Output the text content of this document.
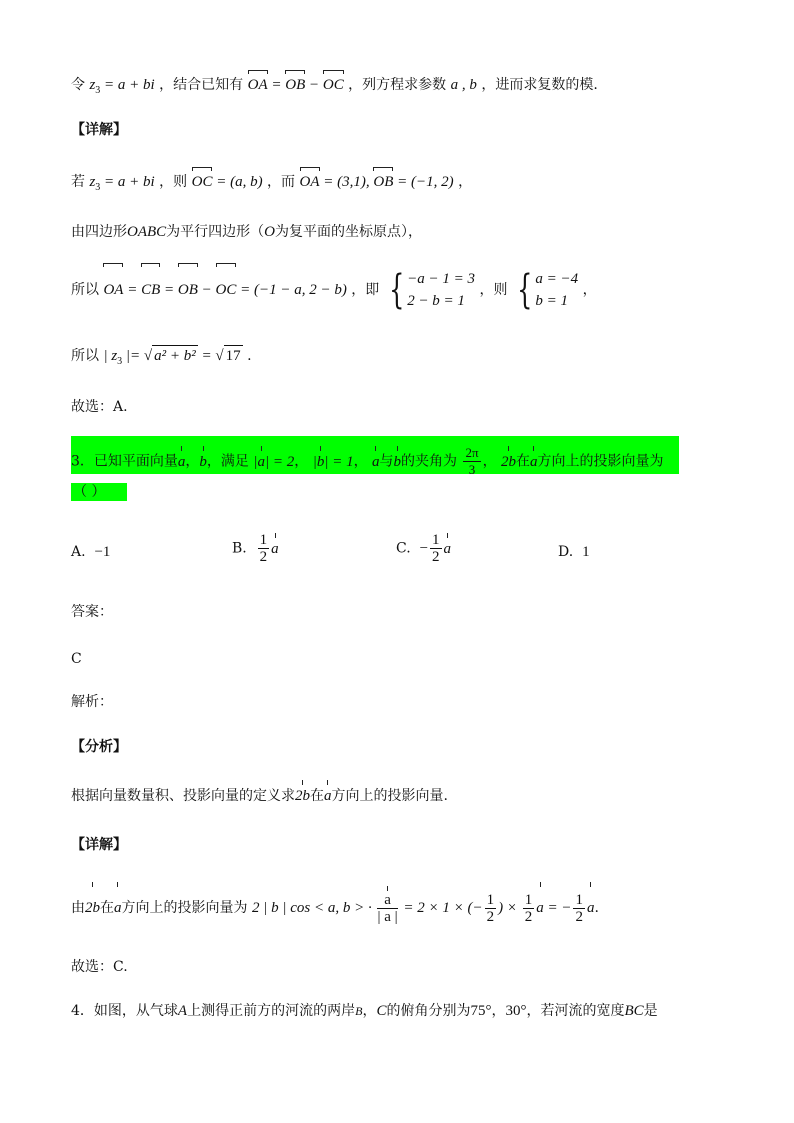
令 $z_3 = a$ + bi ，结合已知有 OA = OB − OC ，列方程求参数 a , b ，进而求复数的模.
【详解】
若 $z_3 = a$ + bi ，则 OC = (a, b) ，而 OA = (3,1), OB = (−1, 2) ，
由四边形OABC为平行四边形（O为复平面的坐标原点），
所以 OA = CB = OB − OC = (−1 − a, 2 − b) ，即 { −a − 1 = 3
2 − b = 1 ，则 { a = −4
b = 1 ，
所以 | $z_3$ |= √ a² + b² = √ 17 .
故选：A.
3．已知平面向量a，b，满足 |a| = 2， |b| = 1， a与b的夹角为 $\frac{2\pi}{3}$ ， 2b在a方向上的投影向量为
（ ）
A. −1	B. $\frac{1}{2}$ a	C. − $\frac{1}{2}$ a	D. 1
答案：
C
解析：
【分析】
根据向量数量积、投影向量的定义求2b在a方向上的投影向量.
【详解】
由2b在a方向上的投影向量为 2 | b | cos < a, b > · $\frac{a}{| a |} = 2 \times 1$ × (− $\frac{1}{2}$ ) × $\frac{1}{2}$ a = − $\frac{1}{2} a$.
故选：C.
4．如图，从气球A上测得正前方的河流的两岸B，C的俯角分别为75°，30°，若河流的宽度BC是
